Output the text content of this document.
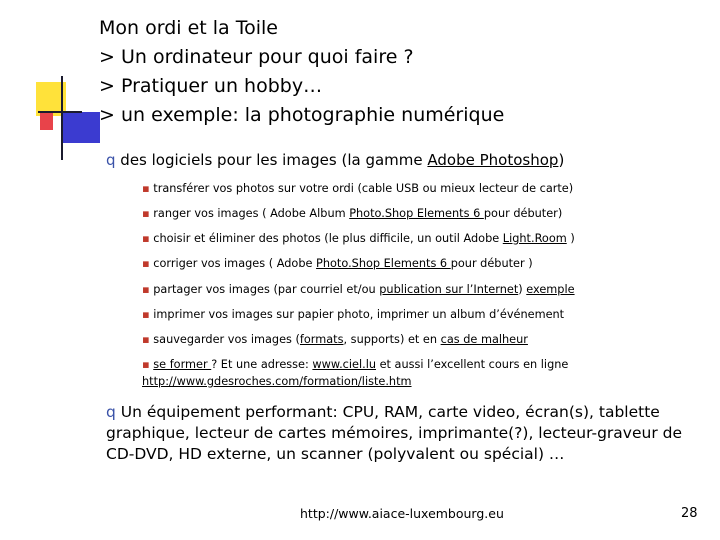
Mon ordi et la Toile
> Un ordinateur pour quoi faire ?
> Pratiquer un hobby…
> un exemple: la photographie numérique
q des logiciels pour les images (la gamme Adobe Photoshop)
▪ transférer vos photos sur votre ordi (cable USB ou mieux lecteur de carte)
▪ ranger vos images ( Adobe Album Photo.Shop Elements 6 pour débuter)
▪ choisir et éliminer des photos (le plus difficile, un outil Adobe Light.Room )
▪ corriger vos images ( Adobe Photo.Shop Elements 6 pour débuter )
▪ partager vos images (par courriel et/ou publication sur l’Internet) exemple
▪ imprimer vos images sur papier photo, imprimer un album d’événement
▪ sauvegarder vos images (formats, supports) et en cas de malheur
▪ se former ? Et une adresse: www.ciel.lu et aussi l’excellent cours en ligne
http://www.gdesroches.com/formation/liste.htm
q Un équipement performant: CPU, RAM, carte video, écran(s), tablette graphique, lecteur de cartes mémoires, imprimante(?), lecteur-graveur de CD-DVD, HD externe, un scanner (polyvalent ou spécial) …
http://www.aiace-luxembourg.eu	28
